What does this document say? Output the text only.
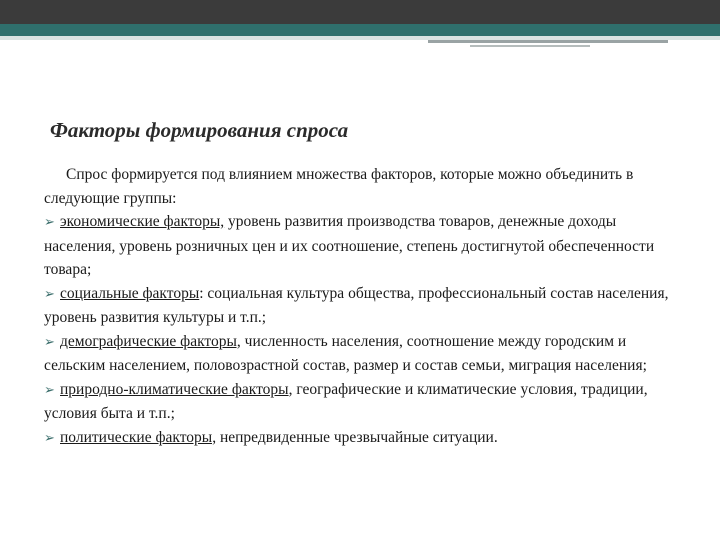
Факторы формирования спроса

Спрос формируется под влиянием множества факторов, которые можно объединить в следующие группы:

➢ экономические факторы, уровень развития производства товаров, денежные доходы населения, уровень розничных цен и их соотношение, степень достигнутой обеспеченности товара;

➢ социальные факторы: социальная культура общества, профессиональный состав населения, уровень развития культуры и т.п.;

➢ демографические факторы, численность населения, соотношение между городским и сельским населением, половозрастной состав, размер и состав семьи, миграция населения;

➢ природно-климатические факторы, географические и климатические условия, традиции, условия быта и т.п.;

➢ политические факторы, непредвиденные чрезвычайные ситуации.
